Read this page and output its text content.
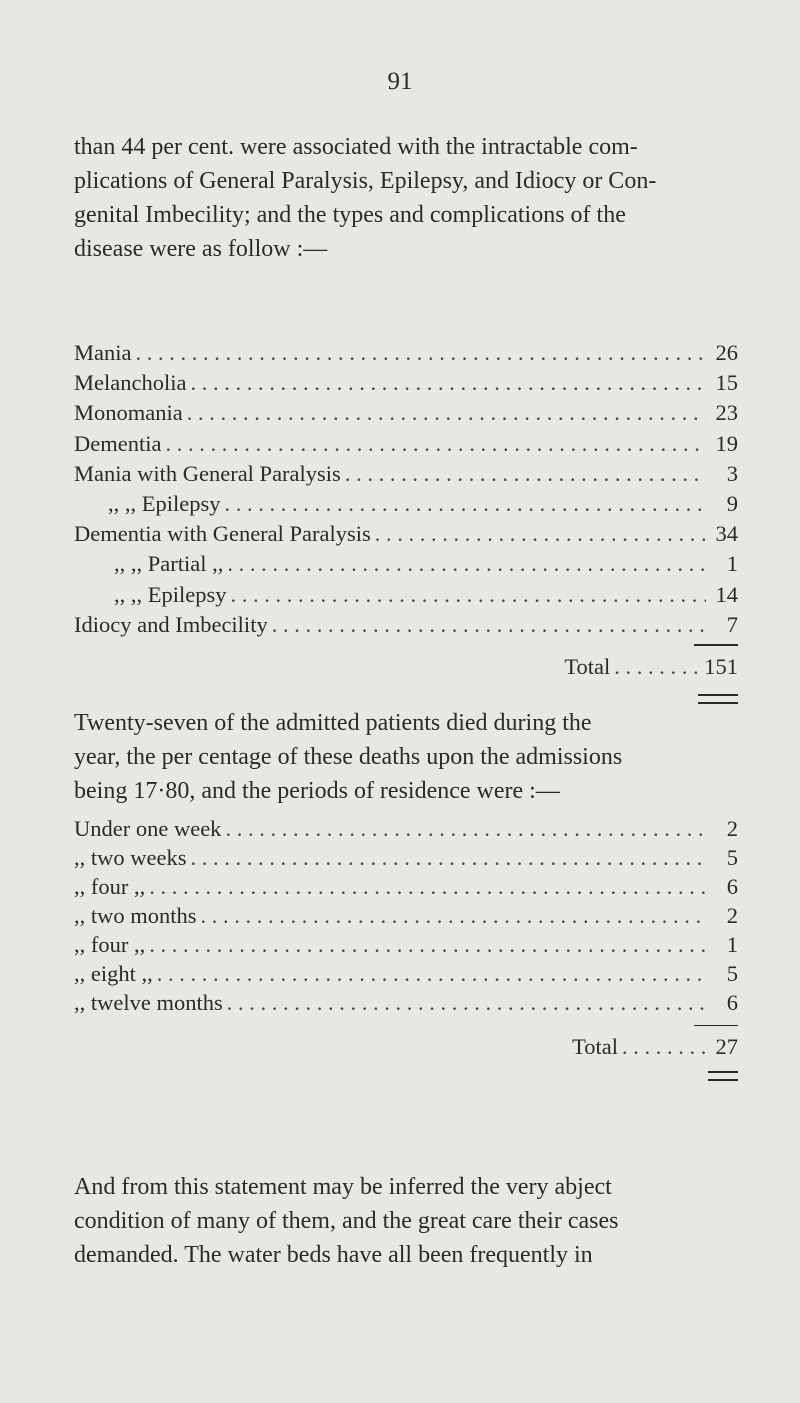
91

than 44 per cent. were associated with the intractable com-

plications of General Paralysis, Epilepsy, and Idiocy or Con-

genital Imbecility; and the types and complications of the

disease were as follow :—

Mania . . .	26
Melancholia . . .	15
Monomania . . .	23
Dementia . . .	19
Mania with General Paralysis . . .	3
,, ,, Epilepsy . . .	9
Dementia with General Paralysis . . .	34
,, ,, Partial ,, . . .	1
,, ,, Epilepsy . . .	14
Idiocy and Imbecility . . .	7
Total . . .	151

Twenty-seven of the admitted patients died during the

year, the per centage of these deaths upon the admissions

being 17·80, and the periods of residence were :—

Under one week . . .	2
,, two weeks . . .	5
,, four ,, . . .	6
,, two months . . .	2
,, four ,, . . .	1
,, eight ,, . . .	5
,, twelve months . . .	6
Total . . .	27

And from this statement may be inferred the very abject

condition of many of them, and the great care their cases

demanded. The water beds have all been frequently in
